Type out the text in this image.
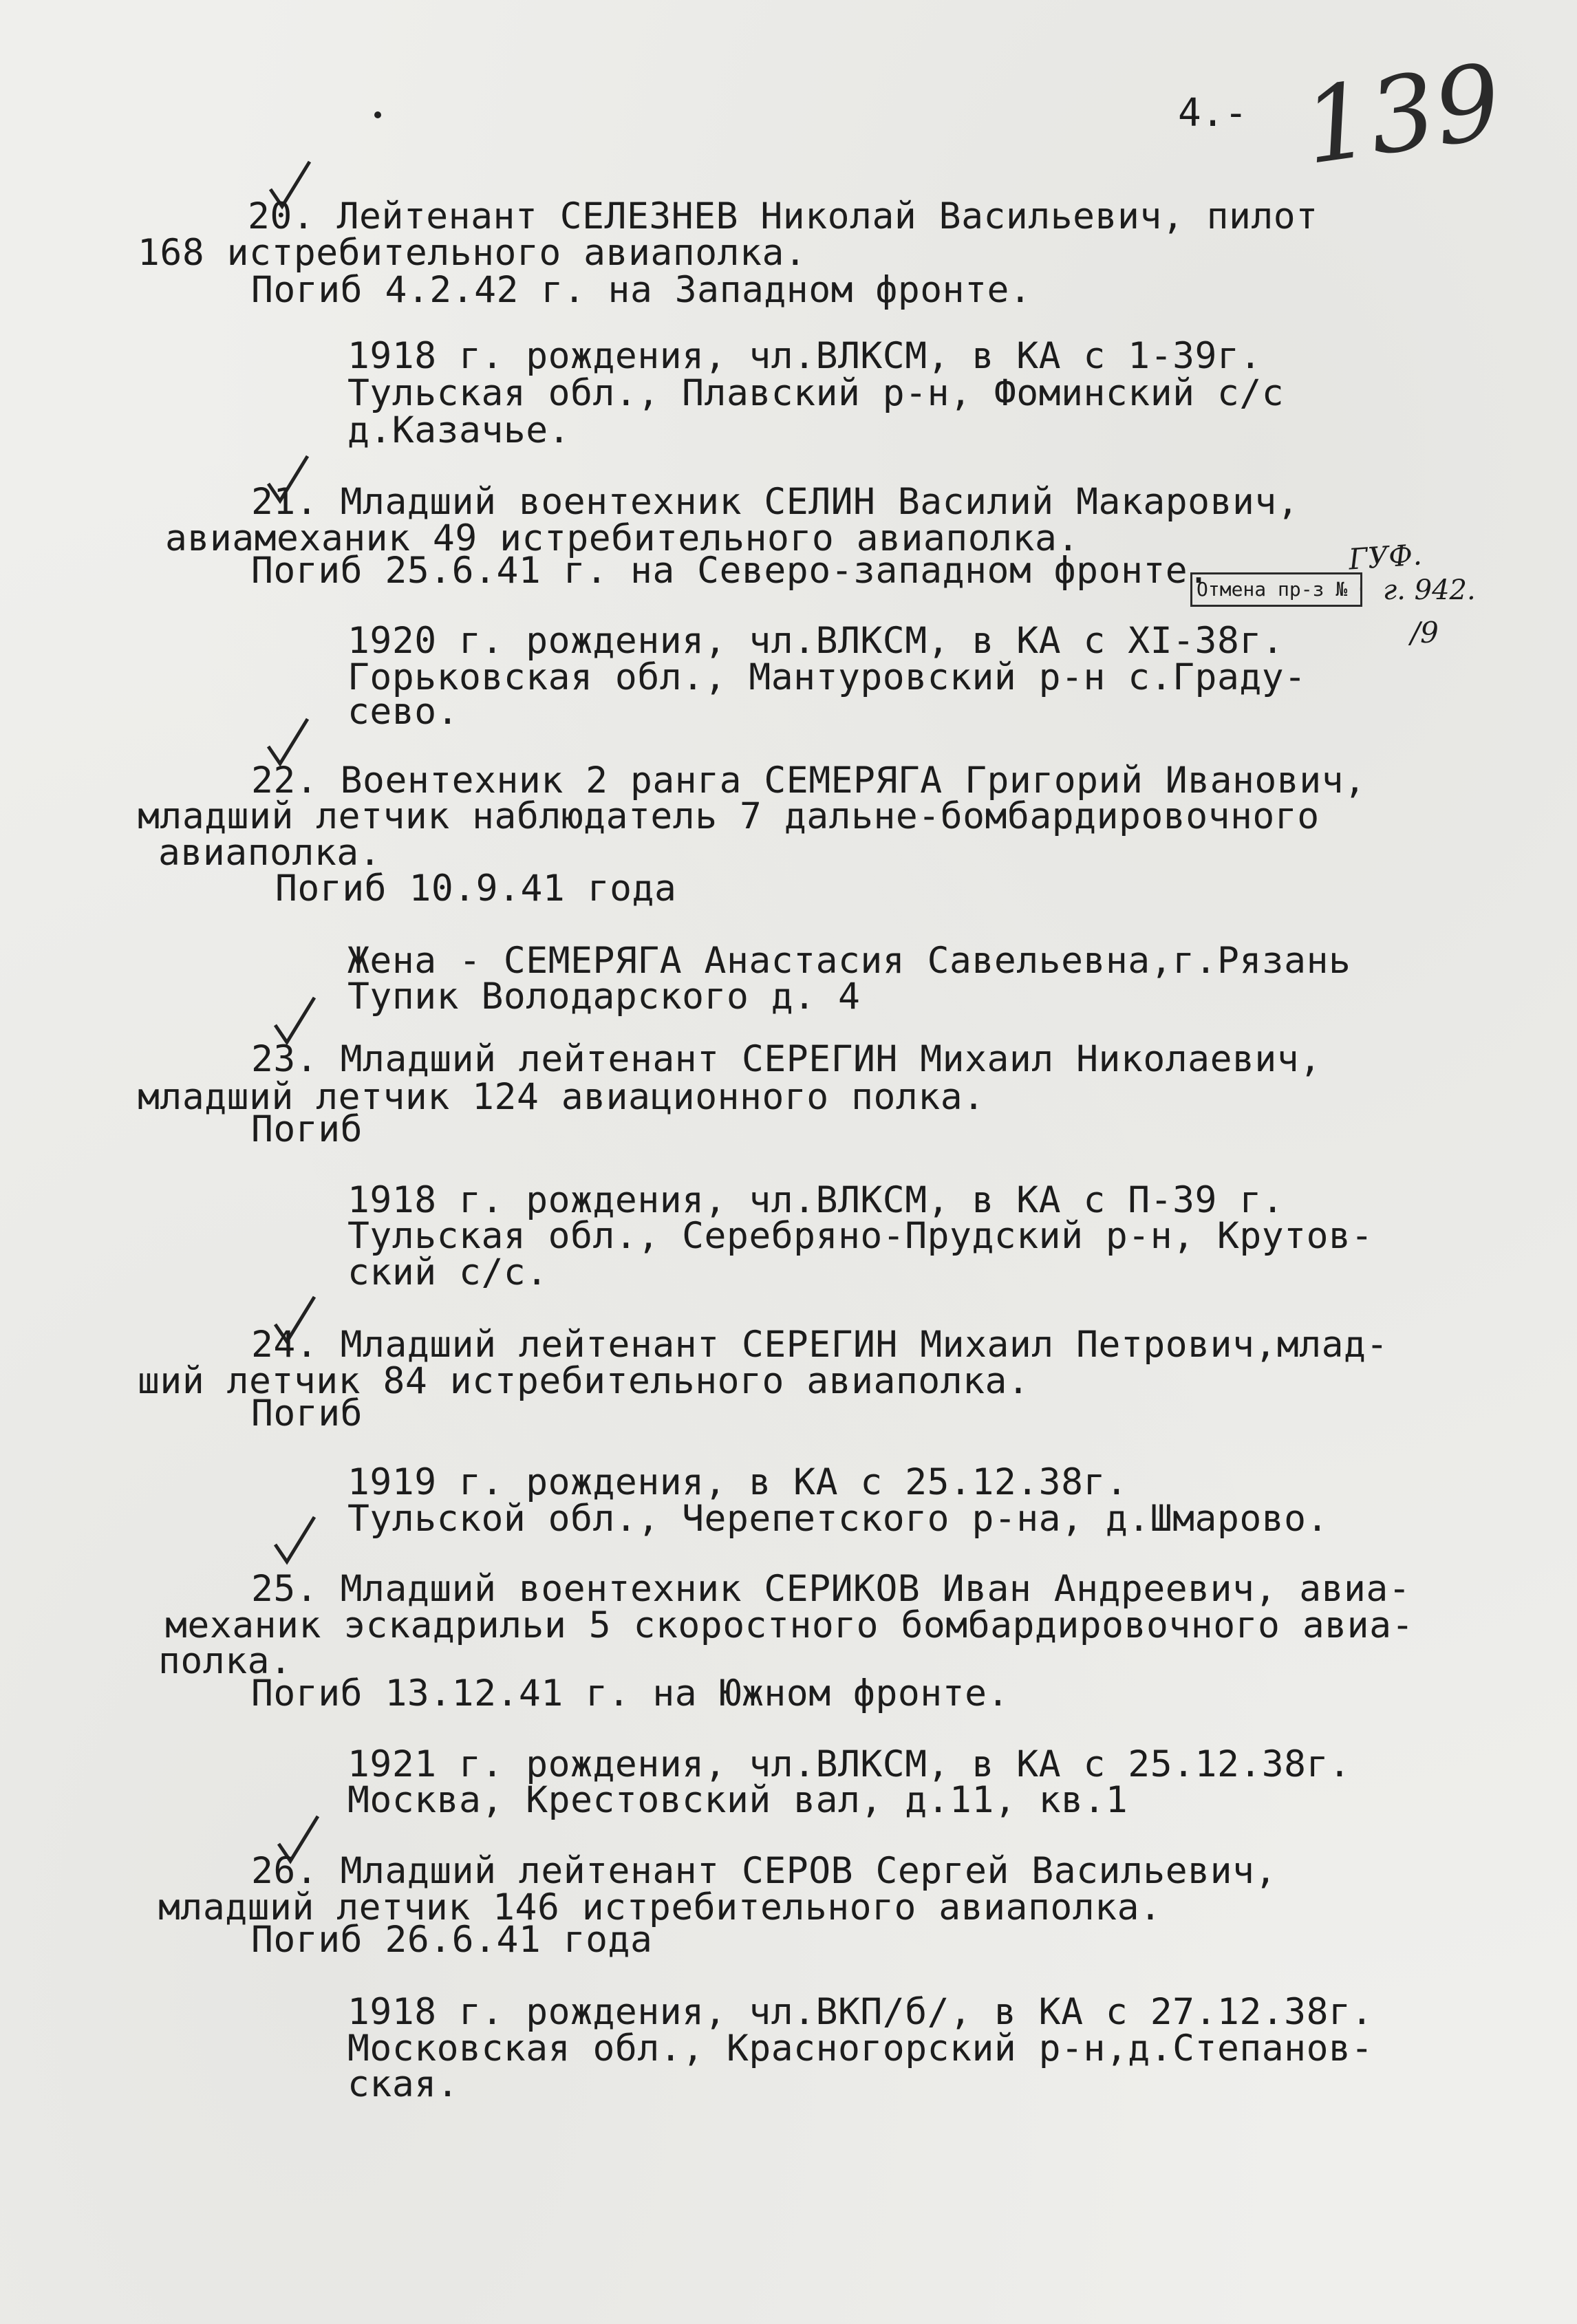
4.- 139
ГУФ.
Отмена пр-з №	г. 942.
/9
20. Лейтенант СЕЛЕЗНЕВ Николай Васильевич, пилот
168 истребительного авиаполка.
Погиб 4.2.42 г. на Западном фронте.
1918 г. рождения, чл.ВЛКСМ, в КА с 1-39г.
Тульская обл., Плавский р-н, Фоминский с/с
д.Казачье.
21. Младший воентехник СЕЛИН Василий Макарович,
авиамеханик 49 истребительного авиаполка.
Погиб 25.6.41 г. на Северо-западном фронте.
1920 г. рождения, чл.ВЛКСМ, в КА с XI-38г.
Горьковская обл., Мантуровский р-н с.Граду-
сево.
22. Воентехник 2 ранга СЕМЕРЯГА Григорий Иванович,
младший летчик наблюдатель 7 дальне-бомбардировочного
авиаполка.
Погиб 10.9.41 года
Жена - СЕМЕРЯГА Анастасия Савельевна,г.Рязань
Тупик Володарского д. 4
23. Младший лейтенант СЕРЕГИН Михаил Николаевич,
младший летчик 124 авиационного полка.
Погиб
1918 г. рождения, чл.ВЛКСМ, в КА с П-39 г.
Тульская обл., Серебряно-Прудский р-н, Крутов-
ский с/с.
24. Младший лейтенант СЕРЕГИН Михаил Петрович,млад-
ший летчик 84 истребительного авиаполка.
Погиб
1919 г. рождения, в КА с 25.12.38г.
Тульской обл., Черепетского р-на, д.Шмарово.
25. Младший воентехник СЕРИКОВ Иван Андреевич, авиа-
механик эскадрильи 5 скоростного бомбардировочного авиа-
полка.
Погиб 13.12.41 г. на Южном фронте.
1921 г. рождения, чл.ВЛКСМ, в КА с 25.12.38г.
Москва, Крестовский вал, д.11, кв.1
26. Младший лейтенант СЕРОВ Сергей Васильевич,
младший летчик 146 истребительного авиаполка.
Погиб 26.6.41 года
1918 г. рождения, чл.ВКП/б/, в КА с 27.12.38г.
Московская обл., Красногорский р-н,д.Степанов-
ская.
